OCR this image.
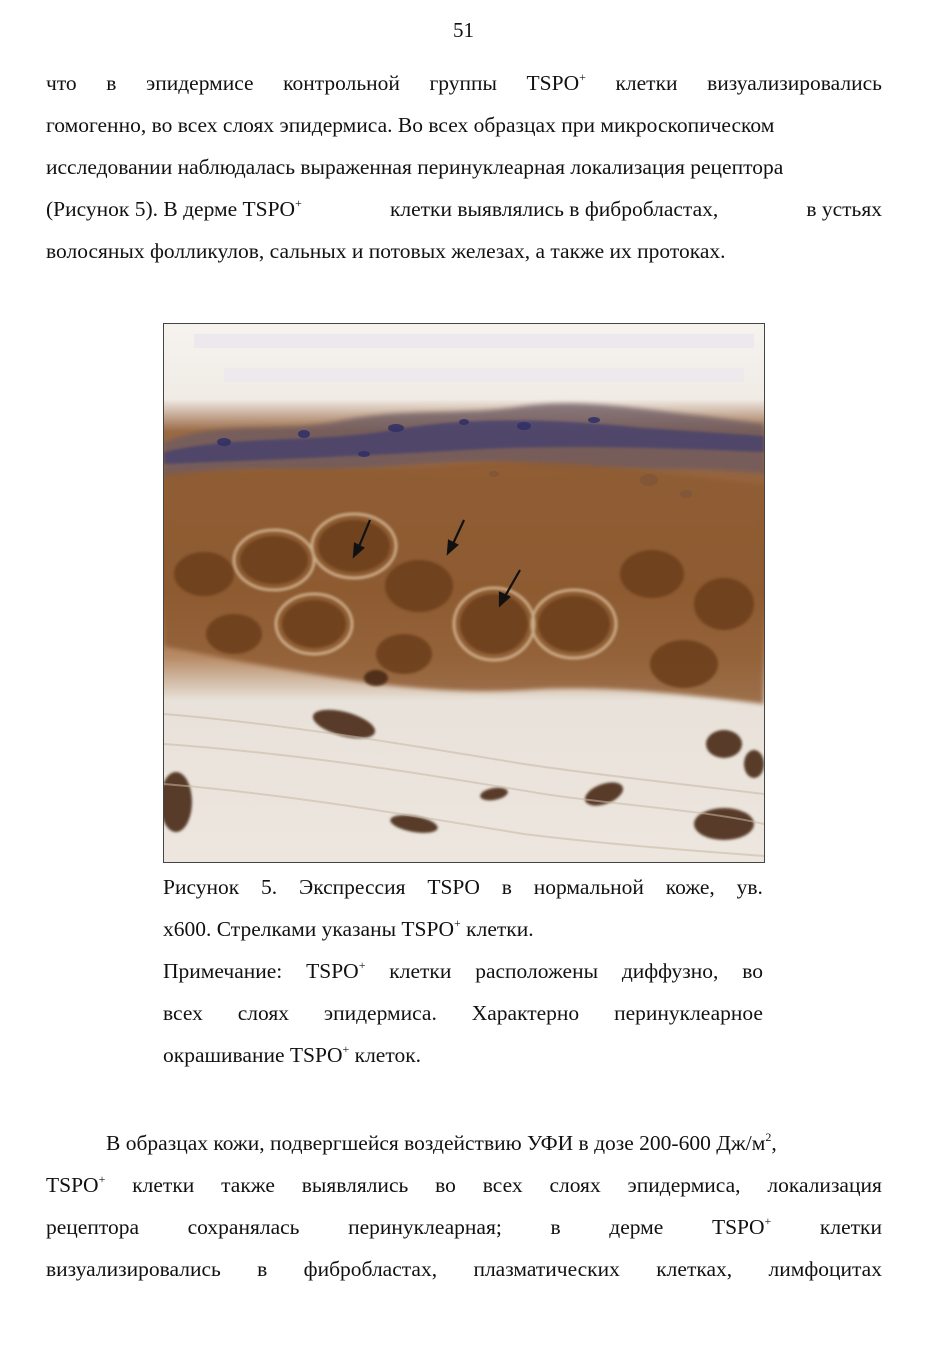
51
что в эпидермисе контрольной группы TSPO+ клетки визуализировались
гомогенно, во всех слоях эпидермиса. Во всех образцах при микроскопическом
исследовании наблюдалась выраженная перинуклеарная локализация рецептора
(Рисунок 5). В дерме TSPO+	клетки выявлялись в фибробластах,	в устьях
волосяных фолликулов, сальных и потовых железах, а также их протоках.
Рисунок 5. Экспрессия TSPO в нормальной коже, ув.
х600. Стрелками указаны TSPO+ клетки.
Примечание: TSPO+ клетки расположены диффузно, во
всех слоях эпидермиса. Характерно перинуклеарное
окрашивание TSPO+ клеток.
В образцах кожи, подвергшейся воздействию УФИ в дозе 200-600 $Дж/м^2$,
TSPO+ клетки также выявлялись во всех слоях эпидермиса, локализация
рецептора сохранялась перинуклеарная; в дерме TSPO+ клетки
визуализировались в фибробластах, плазматических клетках, лимфоцитах
